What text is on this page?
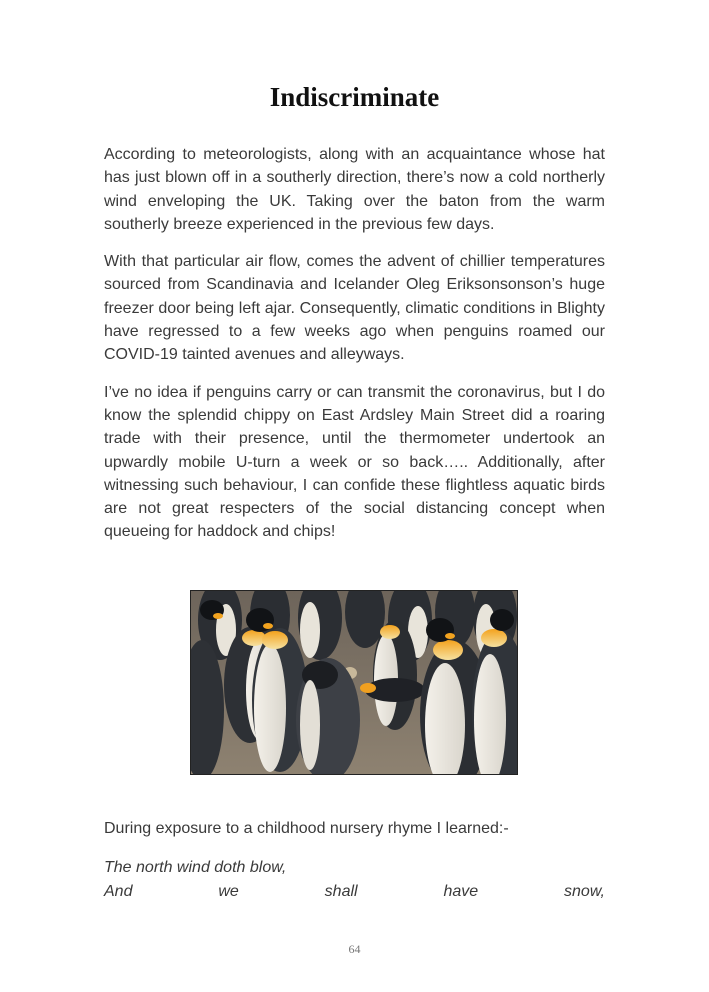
Indiscriminate

According to meteorologists, along with an acquaintance whose hat has just blown off in a southerly direction, there’s now a cold northerly wind enveloping the UK. Taking over the baton from the warm southerly breeze experienced in the previous few days.

With that particular air flow, comes the advent of chillier temperatures sourced from Scandinavia and Icelander Oleg Eriksonsonson’s huge freezer door being left ajar. Consequently, climatic conditions in Blighty have regressed to a few weeks ago when penguins roamed our COVID-19 tainted avenues and alleyways.

I’ve no idea if penguins carry or can transmit the coronavirus, but I do know the splendid chippy on East Ardsley Main Street did a roaring trade with their presence, until the thermometer undertook an upwardly mobile U-turn a week or so back….. Additionally, after witnessing such behaviour, I can confide these flightless aquatic birds are not great respecters of the social distancing concept when queueing for haddock and chips!

During exposure to a childhood nursery rhyme I learned:-

The north wind doth blow,
And	we	shall	have	snow,
64
